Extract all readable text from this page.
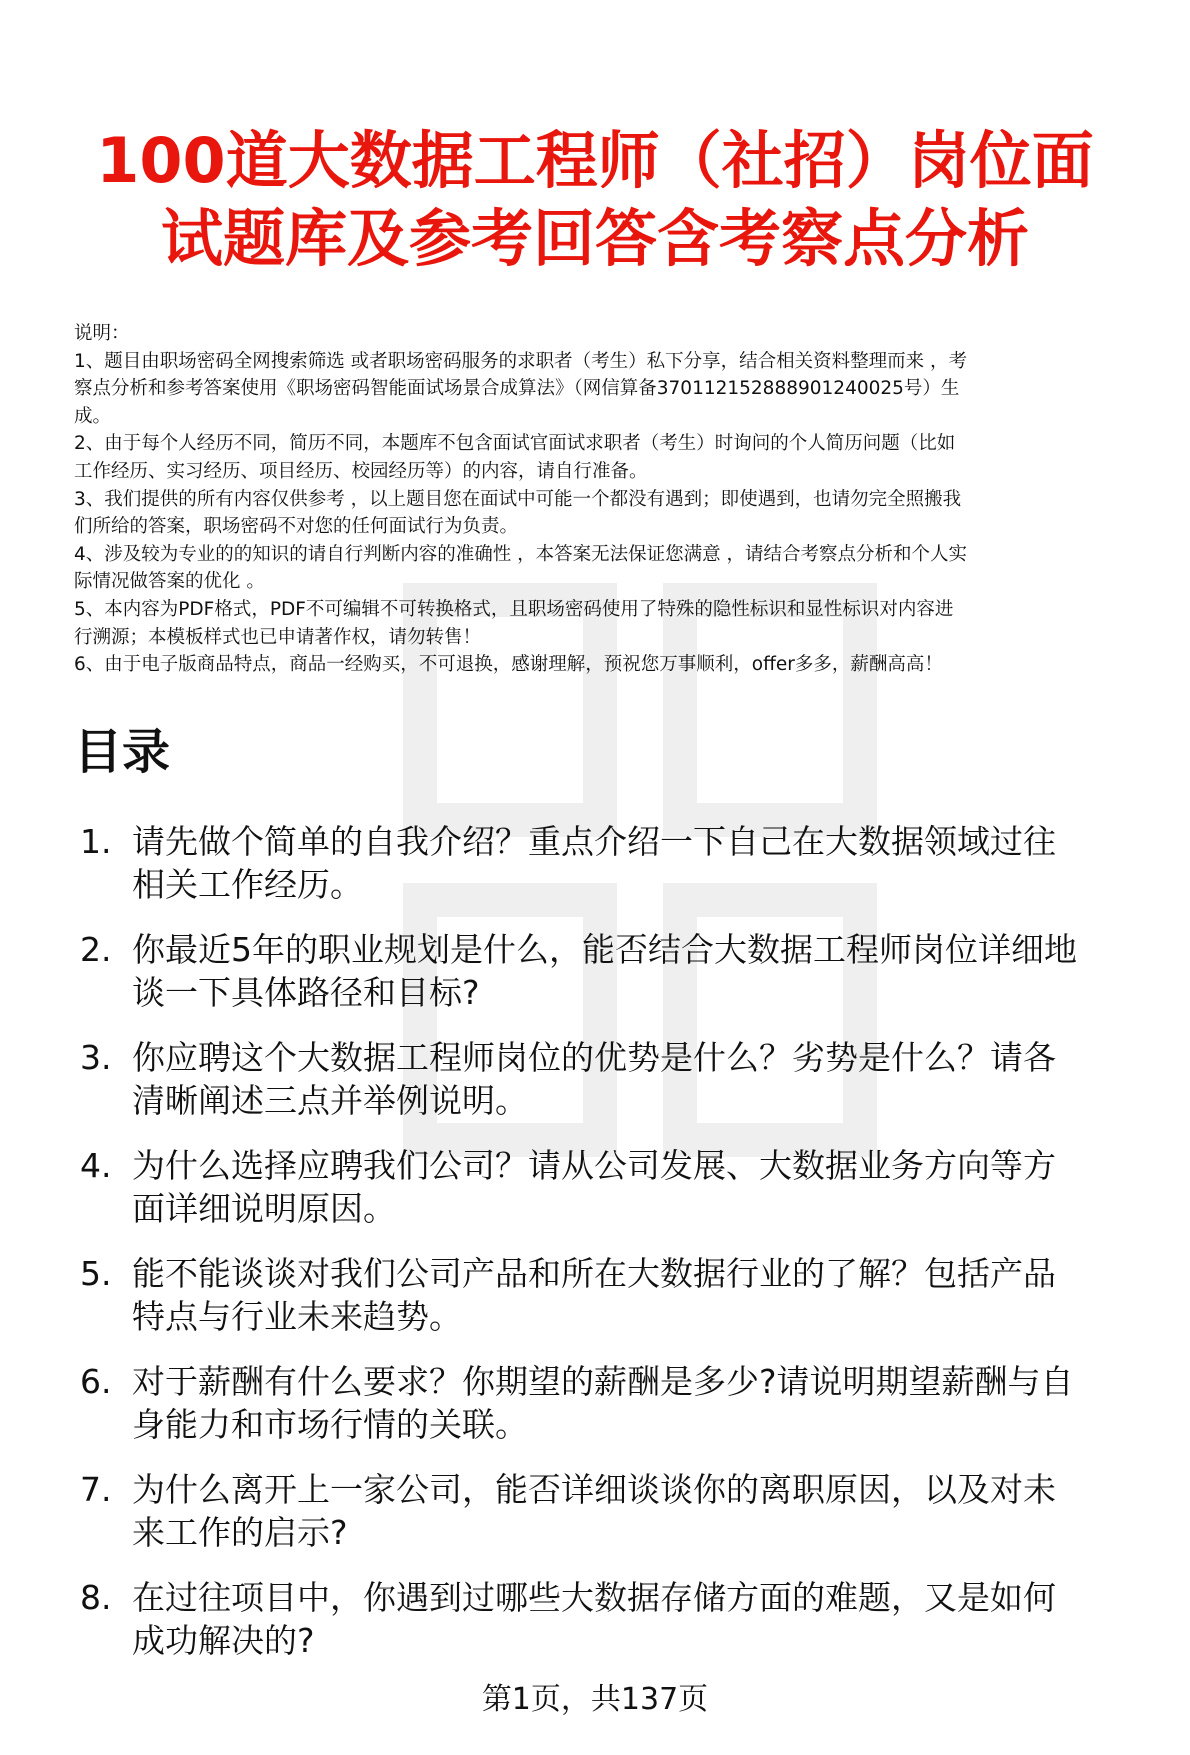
100道大数据工程师（社招）岗位面
试题库及参考回答含考察点分析
说明：
1、题目由职场密码全网搜索筛选 或者职场密码服务的求职者（考生）私下分享，结合相关资料整理而来 ，考
察点分析和参考答案使用《职场密码智能面试场景合成算法》（网信算备370112152888901240025号）生
成。
2、由于每个人经历不同，简历不同，本题库不包含面试官面试求职者（考生）时询问的个人简历问题（比如
工作经历、实习经历、项目经历、校园经历等）的内容，请自行准备。
3、我们提供的所有内容仅供参考 ，以上题目您在面试中可能一个都没有遇到；即使遇到，也请勿完全照搬我
们所给的答案，职场密码不对您的任何面试行为负责。
4、涉及较为专业的的知识的请自行判断内容的准确性 ，本答案无法保证您满意 ，请结合考察点分析和个人实
际情况做答案的优化 。
5、本内容为PDF格式，PDF不可编辑不可转换格式，且职场密码使用了特殊的隐性标识和显性标识对内容进
行溯源；本模板样式也已申请著作权，请勿转售！
6、由于电子版商品特点，商品一经购买，不可退换，感谢理解，预祝您万事顺利，offer多多，薪酬高高！
目录
1. 请先做个简单的自我介绍？重点介绍一下自己在大数据领域过往
相关工作经历。
2. 你最近5年的职业规划是什么，能否结合大数据工程师岗位详细地
谈一下具体路径和目标?
3. 你应聘这个大数据工程师岗位的优势是什么？劣势是什么？请各
清晰阐述三点并举例说明。
4. 为什么选择应聘我们公司？请从公司发展、大数据业务方向等方
面详细说明原因。
5. 能不能谈谈对我们公司产品和所在大数据行业的了解？包括产品
特点与行业未来趋势。
6. 对于薪酬有什么要求？你期望的薪酬是多少?请说明期望薪酬与自
身能力和市场行情的关联。
7. 为什么离开上一家公司，能否详细谈谈你的离职原因，以及对未
来工作的启示?
8. 在过往项目中，你遇到过哪些大数据存储方面的难题，又是如何
成功解决的?
第1页，共137页
